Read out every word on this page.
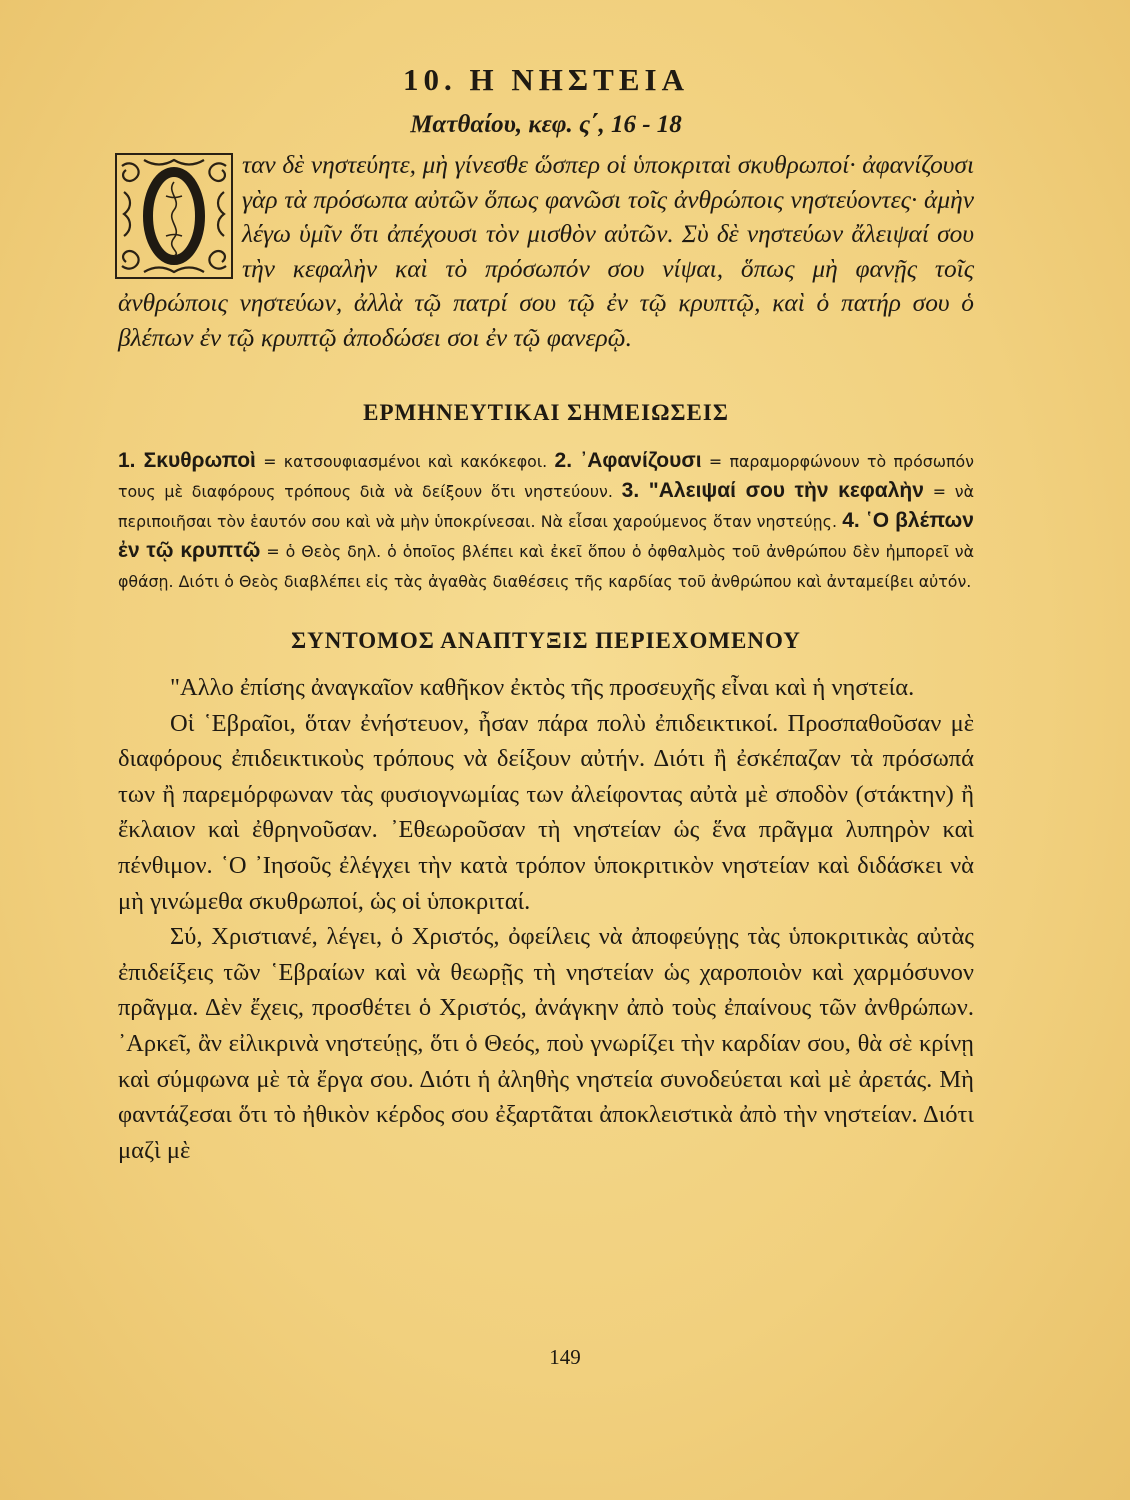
10. Η ΝΗΣΤΕΙΑ
Ματθαίου, κεφ. ς΄, 16 - 18

Ο
ταν δὲ νηστεύητε, μὴ γίνεσθε ὥσπερ οἱ ὑποκριταὶ σκυθρωποί· ἀφανίζουσι γὰρ τὰ πρόσωπα αὐτῶν ὅπως φανῶσι τοῖς ἀνθρώποις νηστεύοντες· ἀμὴν λέγω ὑμῖν ὅτι ἀπέχουσι τὸν μισθὸν αὐτῶν. Σὺ δὲ νηστεύων ἄλειψαί σου τὴν κεφαλὴν καὶ τὸ πρόσωπόν σου νίψαι, ὅπως μὴ φανῇς τοῖς ἀνθρώποις νηστεύων, ἀλλὰ τῷ πατρί σου τῷ ἐν τῷ κρυπτῷ, καὶ ὁ πατήρ σου ὁ βλέπων ἐν τῷ κρυπτῷ ἀποδώσει σοι ἐν τῷ φανερῷ.

ΕΡΜΗΝΕΥΤΙΚΑΙ ΣΗΜΕΙΩΣΕΙΣ

1. Σκυθρωποὶ = κατσουφιασμένοι καὶ κακόκεφοι. 2. ᾿Αφανίζουσι = παραμορφώνουν τὸ πρόσωπόν τους μὲ διαφόρους τρόπους διὰ νὰ δείξουν ὅτι νηστεύουν. 3. "Αλειψαί σου τὴν κεφαλὴν = νὰ περιποιῆσαι τὸν ἑαυτόν σου καὶ νὰ μὴν ὑποκρίνεσαι. Νὰ εἶσαι χαρούμενος ὅταν νηστεύῃς. 4. ῾Ο βλέπων ἐν τῷ κρυπτῷ = ὁ Θεὸς δηλ. ὁ ὁποῖος βλέπει καὶ ἐκεῖ ὅπου ὁ ὀφθαλμὸς τοῦ ἀνθρώπου δὲν ἠμπορεῖ νὰ φθάσῃ. Διότι ὁ Θεὸς διαβλέπει εἰς τὰς ἀγαθὰς διαθέσεις τῆς καρδίας τοῦ ἀνθρώπου καὶ ἀνταμείβει αὐτόν.

ΣΥΝΤΟΜΟΣ ΑΝΑΠΤΥΞΙΣ ΠΕΡΙΕΧΟΜΕΝΟΥ

"Αλλο ἐπίσης ἀναγκαῖον καθῆκον ἐκτὸς τῆς προσευχῆς εἶναι καὶ ἡ νηστεία.

Οἱ ῾Εβραῖοι, ὅταν ἐνήστευον, ἦσαν πάρα πολὺ ἐπιδεικτικοί. Προσπαθοῦσαν μὲ διαφόρους ἐπιδεικτικοὺς τρόπους νὰ δείξουν αὐτήν. Διότι ἢ ἐσκέπαζαν τὰ πρόσωπά των ἢ παρεμόρφωναν τὰς φυσιογνωμίας των ἀλείφοντας αὐτὰ μὲ σποδὸν (στάκτην) ἢ ἔκλαιον καὶ ἐθρηνοῦσαν. ᾿Εθεωροῦσαν τὴ νηστείαν ὡς ἕνα πρᾶγμα λυπηρὸν καὶ πένθιμον. ῾Ο ᾿Ιησοῦς ἐλέγχει τὴν κατὰ τρόπον ὑποκριτικὸν νηστείαν καὶ διδάσκει νὰ μὴ γινώμεθα σκυθρωποί, ὡς οἱ ὑποκριταί.

Σύ, Χριστιανέ, λέγει, ὁ Χριστός, ὀφείλεις νὰ ἀποφεύγῃς τὰς ὑποκριτικὰς αὐτὰς ἐπιδείξεις τῶν ῾Εβραίων καὶ νὰ θεωρῇς τὴ νηστείαν ὡς χαροποιὸν καὶ χαρμόσυνον πρᾶγμα. Δὲν ἔχεις, προσθέτει ὁ Χριστός, ἀνάγκην ἀπὸ τοὺς ἐπαίνους τῶν ἀνθρώπων. ᾿Αρκεῖ, ἂν εἰλικρινὰ νηστεύῃς, ὅτι ὁ Θεός, ποὺ γνωρίζει τὴν καρδίαν σου, θὰ σὲ κρίνῃ καὶ σύμφωνα μὲ τὰ ἔργα σου. Διότι ἡ ἀληθὴς νηστεία συνοδεύεται καὶ μὲ ἀρετάς. Μὴ φαντάζεσαι ὅτι τὸ ἠθικὸν κέρδος σου ἐξαρτᾶται ἀποκλειστικὰ ἀπὸ τὴν νηστείαν. Διότι μαζὶ μὲ

149
